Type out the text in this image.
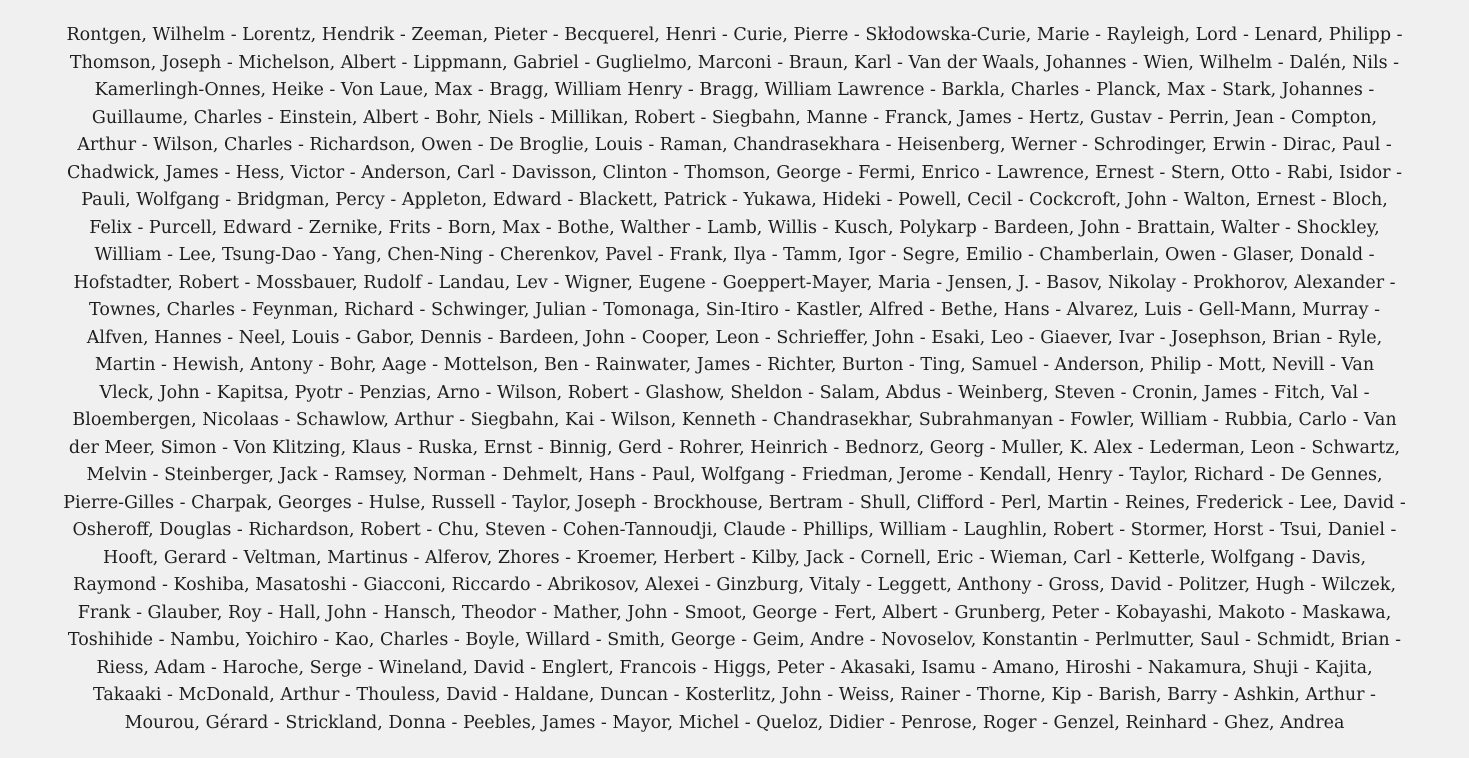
Rontgen, Wilhelm - Lorentz, Hendrik - Zeeman, Pieter - Becquerel, Henri - Curie, Pierre - Skłodowska-Curie, Marie - Rayleigh, Lord - Lenard, Philipp -
Thomson, Joseph - Michelson, Albert - Lippmann, Gabriel - Guglielmo, Marconi - Braun, Karl - Van der Waals, Johannes - Wien, Wilhelm - Dalén, Nils -
Kamerlingh-Onnes, Heike - Von Laue, Max - Bragg, William Henry - Bragg, William Lawrence - Barkla, Charles - Planck, Max - Stark, Johannes -
Guillaume, Charles - Einstein, Albert - Bohr, Niels - Millikan, Robert - Siegbahn, Manne - Franck, James - Hertz, Gustav - Perrin, Jean - Compton,
Arthur - Wilson, Charles - Richardson, Owen - De Broglie, Louis - Raman, Chandrasekhara - Heisenberg, Werner - Schrodinger, Erwin - Dirac, Paul -
Chadwick, James - Hess, Victor - Anderson, Carl - Davisson, Clinton - Thomson, George - Fermi, Enrico - Lawrence, Ernest - Stern, Otto - Rabi, Isidor -
Pauli, Wolfgang - Bridgman, Percy - Appleton, Edward - Blackett, Patrick - Yukawa, Hideki - Powell, Cecil - Cockcroft, John - Walton, Ernest - Bloch,
Felix - Purcell, Edward - Zernike, Frits - Born, Max - Bothe, Walther - Lamb, Willis - Kusch, Polykarp - Bardeen, John - Brattain, Walter - Shockley,
William - Lee, Tsung-Dao - Yang, Chen-Ning - Cherenkov, Pavel - Frank, Ilya - Tamm, Igor - Segre, Emilio - Chamberlain, Owen - Glaser, Donald -
Hofstadter, Robert - Mossbauer, Rudolf - Landau, Lev - Wigner, Eugene - Goeppert-Mayer, Maria - Jensen, J. - Basov, Nikolay - Prokhorov, Alexander -
Townes, Charles - Feynman, Richard - Schwinger, Julian - Tomonaga, Sin-Itiro - Kastler, Alfred - Bethe, Hans - Alvarez, Luis - Gell-Mann, Murray -
Alfven, Hannes - Neel, Louis - Gabor, Dennis - Bardeen, John - Cooper, Leon - Schrieffer, John - Esaki, Leo - Giaever, Ivar - Josephson, Brian - Ryle,
Martin - Hewish, Antony - Bohr, Aage - Mottelson, Ben - Rainwater, James - Richter, Burton - Ting, Samuel - Anderson, Philip - Mott, Nevill - Van
Vleck, John - Kapitsa, Pyotr - Penzias, Arno - Wilson, Robert - Glashow, Sheldon - Salam, Abdus - Weinberg, Steven - Cronin, James - Fitch, Val -
Bloembergen, Nicolaas - Schawlow, Arthur - Siegbahn, Kai - Wilson, Kenneth - Chandrasekhar, Subrahmanyan - Fowler, William - Rubbia, Carlo - Van
der Meer, Simon - Von Klitzing, Klaus - Ruska, Ernst - Binnig, Gerd - Rohrer, Heinrich - Bednorz, Georg - Muller, K. Alex - Lederman, Leon - Schwartz,
Melvin - Steinberger, Jack - Ramsey, Norman - Dehmelt, Hans - Paul, Wolfgang - Friedman, Jerome - Kendall, Henry - Taylor, Richard - De Gennes,
Pierre-Gilles - Charpak, Georges - Hulse, Russell - Taylor, Joseph - Brockhouse, Bertram - Shull, Clifford - Perl, Martin - Reines, Frederick - Lee, David -
Osheroff, Douglas - Richardson, Robert - Chu, Steven - Cohen-Tannoudji, Claude - Phillips, William - Laughlin, Robert - Stormer, Horst - Tsui, Daniel -
Hooft, Gerard - Veltman, Martinus - Alferov, Zhores - Kroemer, Herbert - Kilby, Jack - Cornell, Eric - Wieman, Carl - Ketterle, Wolfgang - Davis,
Raymond - Koshiba, Masatoshi - Giacconi, Riccardo - Abrikosov, Alexei - Ginzburg, Vitaly - Leggett, Anthony - Gross, David - Politzer, Hugh - Wilczek,
Frank - Glauber, Roy - Hall, John - Hansch, Theodor - Mather, John - Smoot, George - Fert, Albert - Grunberg, Peter - Kobayashi, Makoto - Maskawa,
Toshihide - Nambu, Yoichiro - Kao, Charles - Boyle, Willard - Smith, George - Geim, Andre - Novoselov, Konstantin - Perlmutter, Saul - Schmidt, Brian -
Riess, Adam - Haroche, Serge - Wineland, David - Englert, Francois - Higgs, Peter - Akasaki, Isamu - Amano, Hiroshi - Nakamura, Shuji - Kajita,
Takaaki - McDonald, Arthur - Thouless, David - Haldane, Duncan - Kosterlitz, John - Weiss, Rainer - Thorne, Kip - Barish, Barry - Ashkin, Arthur -
Mourou, Gérard - Strickland, Donna - Peebles, James - Mayor, Michel - Queloz, Didier - Penrose, Roger - Genzel, Reinhard - Ghez, Andrea
